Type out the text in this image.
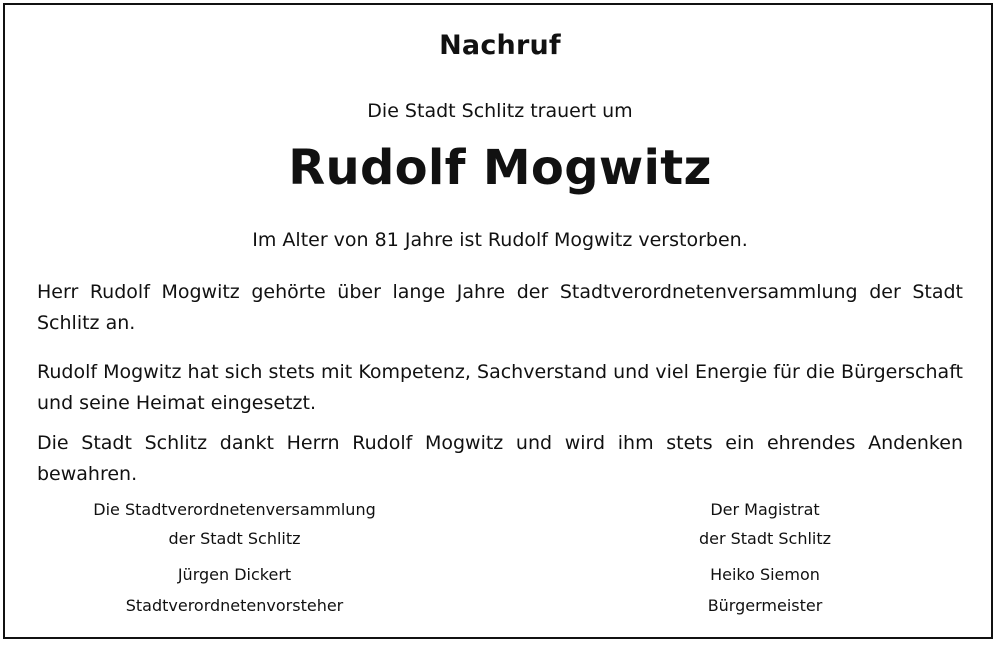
Nachruf
Die Stadt Schlitz trauert um
Rudolf Mogwitz
Im Alter von 81 Jahre ist Rudolf Mogwitz verstorben.
Herr Rudolf Mogwitz gehörte über lange Jahre der Stadtverordnetenversammlung der Stadt Schlitz an.
Rudolf Mogwitz hat sich stets mit Kompetenz, Sachverstand und viel Energie für die Bürgerschaft und seine Heimat eingesetzt.
Die Stadt Schlitz dankt Herrn Rudolf Mogwitz und wird ihm stets ein ehrendes Andenken bewahren.
Die Stadtverordnetenversammlung
der Stadt Schlitz
Jürgen Dickert
Stadtverordnetenvorsteher
Der Magistrat
der Stadt Schlitz
Heiko Siemon
Bürgermeister
